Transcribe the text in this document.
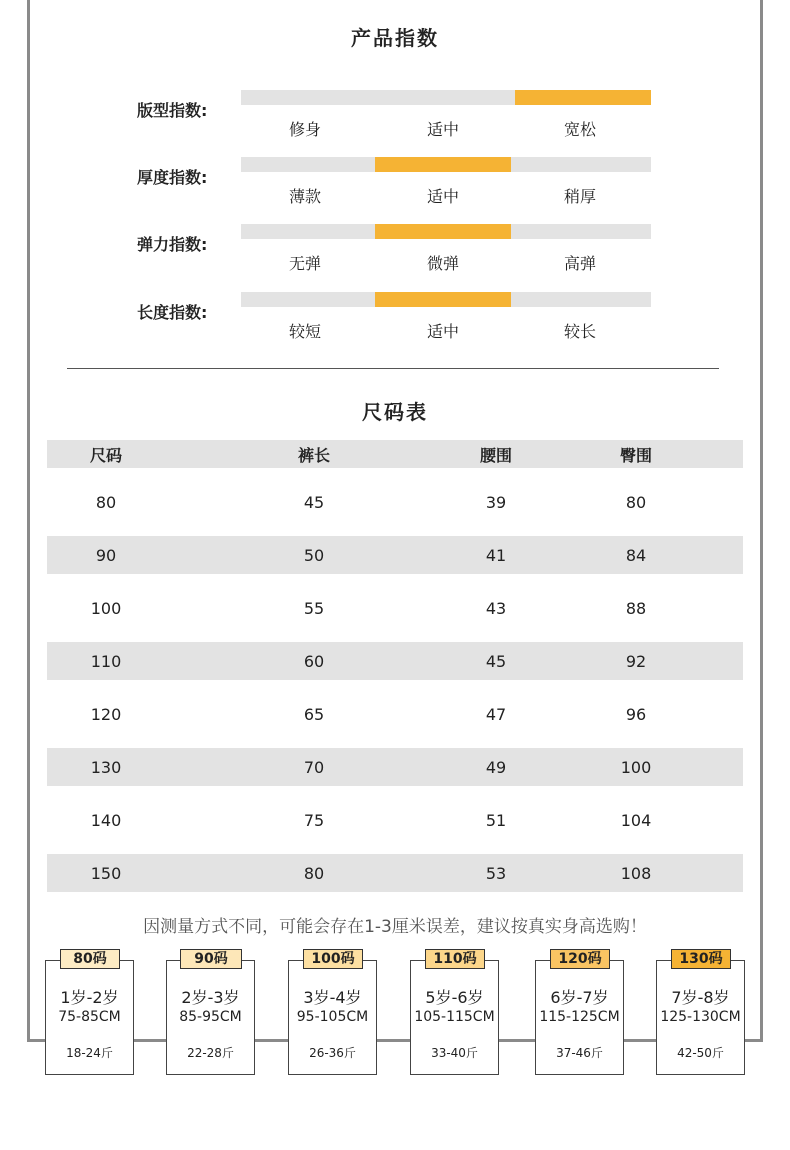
产品指数
版型指数:
修身	适中	宽松
厚度指数:
薄款	适中	稍厚
弹力指数:
无弹	微弹	高弹
长度指数:
较短	适中	较长
尺码表
尺码	裤长	腰围	臀围
80	45	39	80
90	50	41	84
100	55	43	88
110	60	45	92
120	65	47	96
130	70	49	100
140	75	51	104
150	80	53	108
因测量方式不同，可能会存在1-3厘米误差，建议按真实身高选购！
1岁-2岁
75-85CM
18-24斤
80码
2岁-3岁
85-95CM
22-28斤
90码
3岁-4岁
95-105CM
26-36斤
100码
5岁-6岁
105-115CM
33-40斤
110码
6岁-7岁
115-125CM
37-46斤
120码
7岁-8岁
125-130CM
42-50斤
130码
